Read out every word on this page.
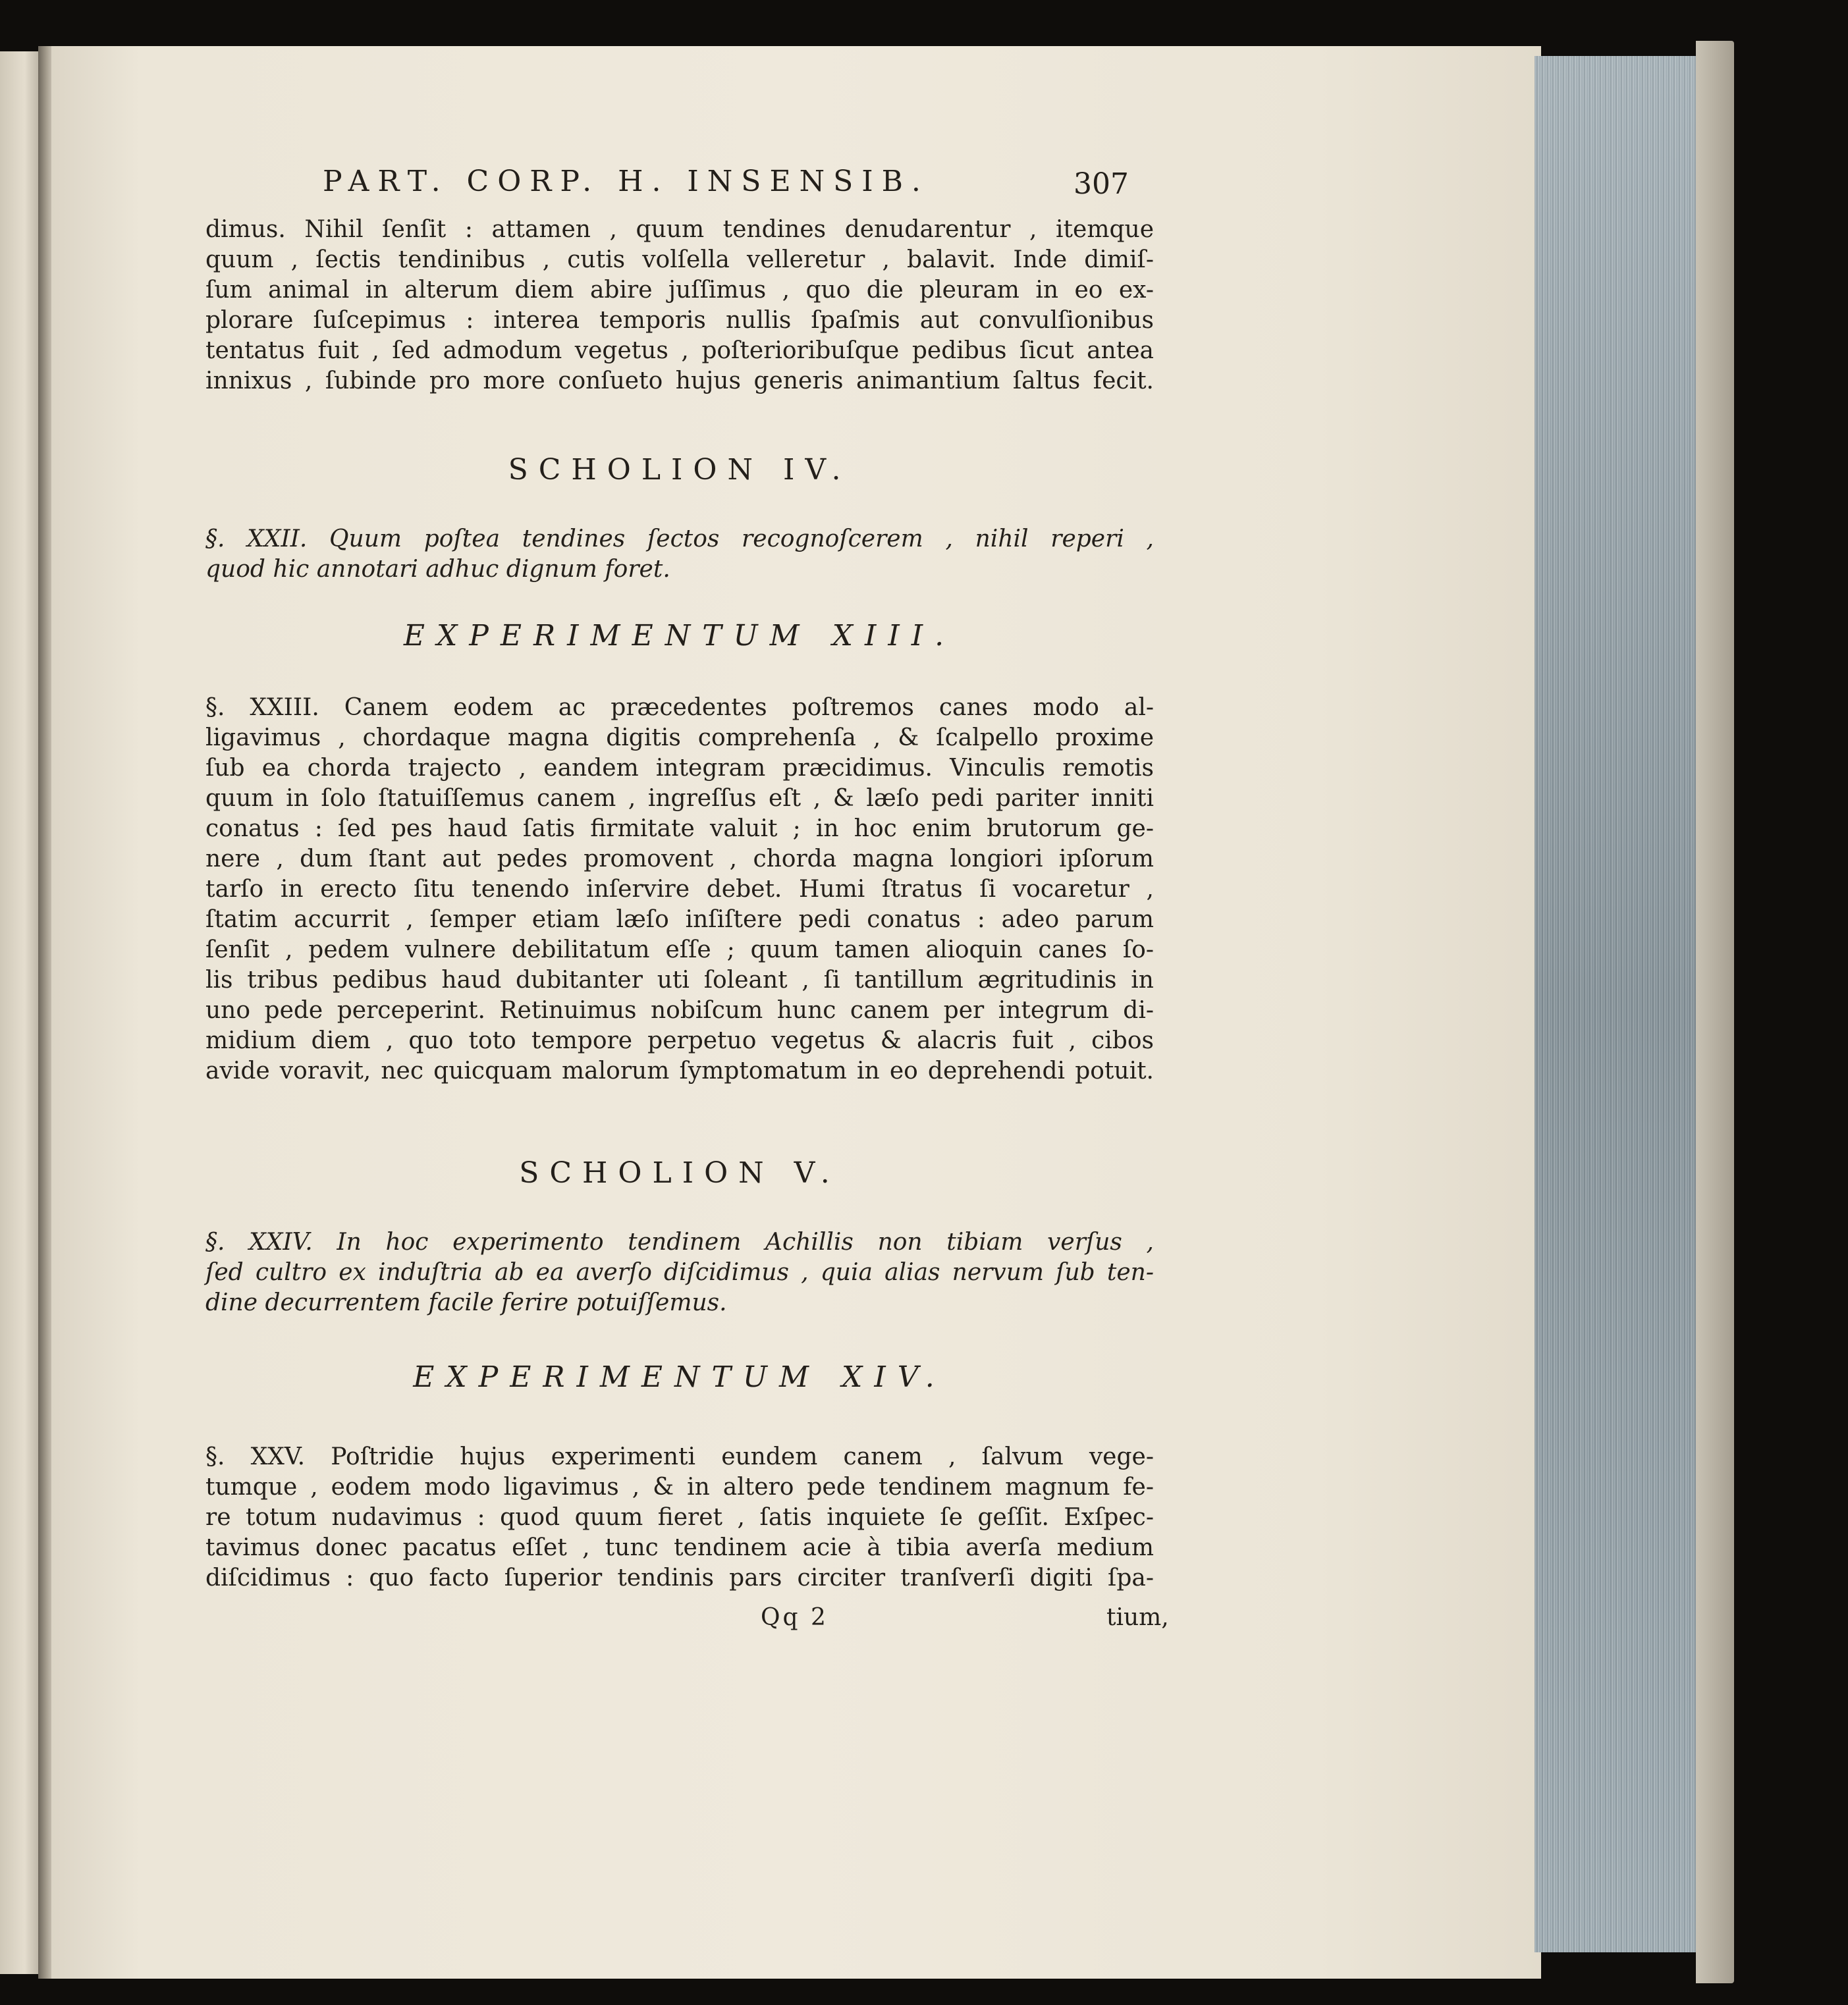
PART. CORP. H. INSENSIB.	307
dimus. Nihil ſenſit : attamen , quum tendines denudarentur , itemque
quum , ſectis tendinibus , cutis volſella velleretur , balavit. Inde dimiſ-
ſum animal in alterum diem abire juſſimus , quo die pleuram in eo ex-
plorare ſuſcepimus : interea temporis nullis ſpaſmis aut convulſionibus
tentatus fuit , ſed admodum vegetus , poſterioribuſque pedibus ſicut antea
innixus , ſubinde pro more conſueto hujus generis animantium ſaltus fecit.
SCHOLION IV.
§. XXII. Quum poſtea tendines ſectos recognoſcerem , nihil reperi ,
quod hic annotari adhuc dignum foret.
EXPERIMENTUM XIII.
§. XXIII. Canem eodem ac præcedentes poſtremos canes modo al-
ligavimus , chordaque magna digitis comprehenſa , & ſcalpello proxime
ſub ea chorda trajecto , eandem integram præcidimus. Vinculis remotis
quum in ſolo ſtatuiſſemus canem , ingreſſus eſt , & læſo pedi pariter inniti
conatus : ſed pes haud ſatis firmitate valuit ; in hoc enim brutorum ge-
nere , dum ſtant aut pedes promovent , chorda magna longiori ipſorum
tarſo in erecto ſitu tenendo inſervire debet. Humi ſtratus ſi vocaretur ,
ſtatim accurrit , ſemper etiam læſo inſiſtere pedi conatus : adeo parum
ſenſit , pedem vulnere debilitatum eſſe ; quum tamen alioquin canes ſo-
lis tribus pedibus haud dubitanter uti ſoleant , ſi tantillum ægritudinis in
uno pede perceperint. Retinuimus nobiſcum hunc canem per integrum di-
midium diem , quo toto tempore perpetuo vegetus & alacris fuit , cibos
avide voravit, nec quicquam malorum ſymptomatum in eo deprehendi potuit.
SCHOLION V.
§. XXIV. In hoc experimento tendinem Achillis non tibiam verſus ,
ſed cultro ex induſtria ab ea averſo diſcidimus , quia alias nervum ſub ten-
dine decurrentem facile ferire potuiſſemus.
EXPERIMENTUM XIV.
§. XXV. Poſtridie hujus experimenti eundem canem , ſalvum vege-
tumque , eodem modo ligavimus , & in altero pede tendinem magnum fe-
re totum nudavimus : quod quum fieret , ſatis inquiete ſe geſſit. Exſpec-
tavimus donec pacatus eſſet , tunc tendinem acie à tibia averſa medium
diſcidimus : quo facto ſuperior tendinis pars circiter tranſverſi digiti ſpa-
Qq 2	tium,
